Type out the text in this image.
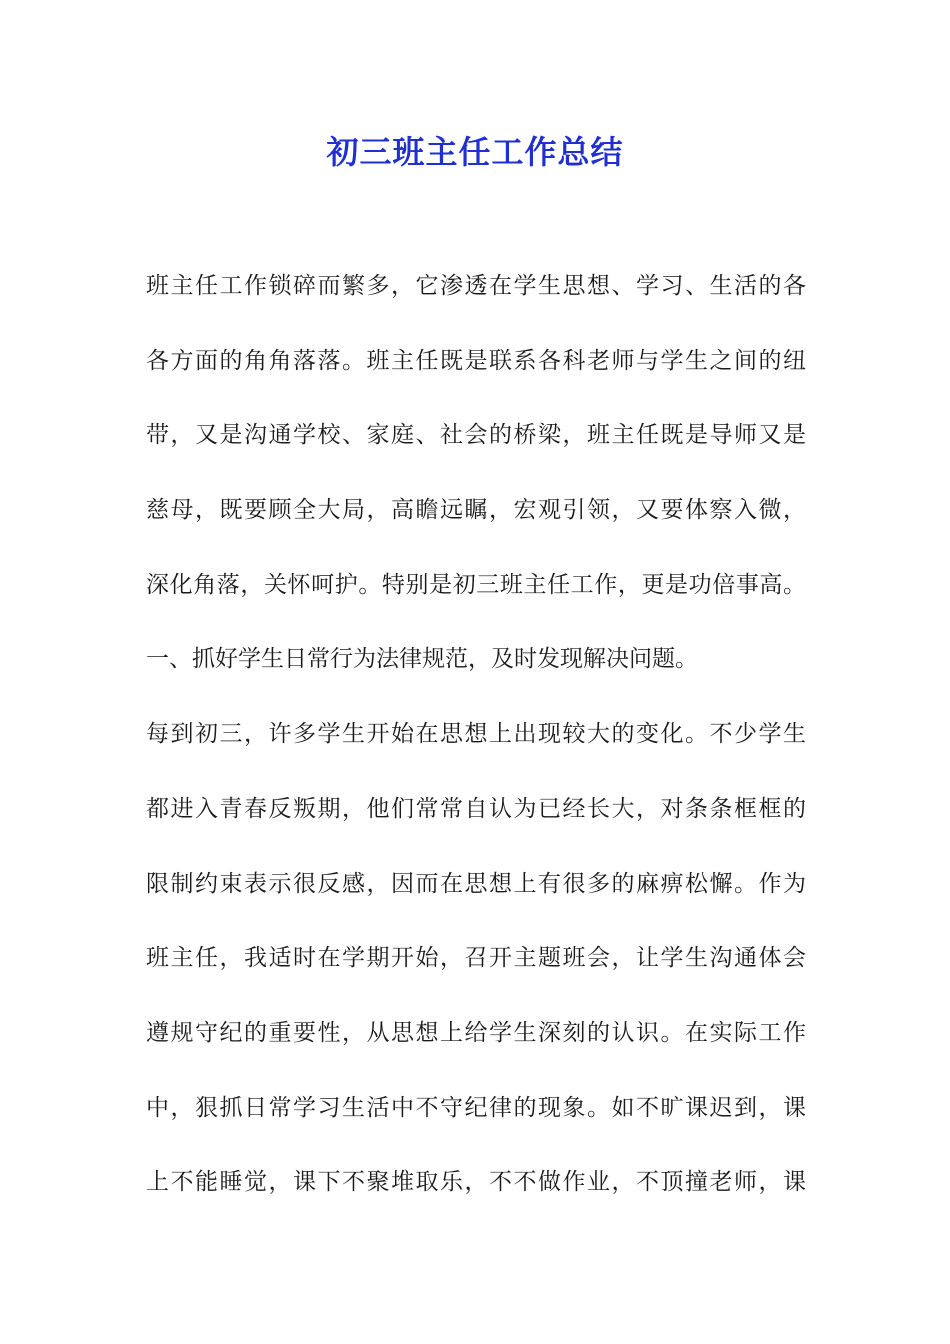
初三班主任工作总结
班主任工作锁碎而繁多，它渗透在学生思想、学习、生活的各
各方面的角角落落。班主任既是联系各科老师与学生之间的纽
带，又是沟通学校、家庭、社会的桥梁，班主任既是导师又是
慈母，既要顾全大局，高瞻远瞩，宏观引领，又要体察入微，
深化角落，关怀呵护。特别是初三班主任工作，更是功倍事高。
一、抓好学生日常行为法律规范，及时发现解决问题。
每到初三，许多学生开始在思想上出现较大的变化。不少学生
都进入青春反叛期，他们常常自认为已经长大，对条条框框的
限制约束表示很反感，因而在思想上有很多的麻痹松懈。作为
班主任，我适时在学期开始，召开主题班会，让学生沟通体会
遵规守纪的重要性，从思想上给学生深刻的认识。在实际工作
中，狠抓日常学习生活中不守纪律的现象。如不旷课迟到，课
上不能睡觉，课下不聚堆取乐，不不做作业，不顶撞老师，课
